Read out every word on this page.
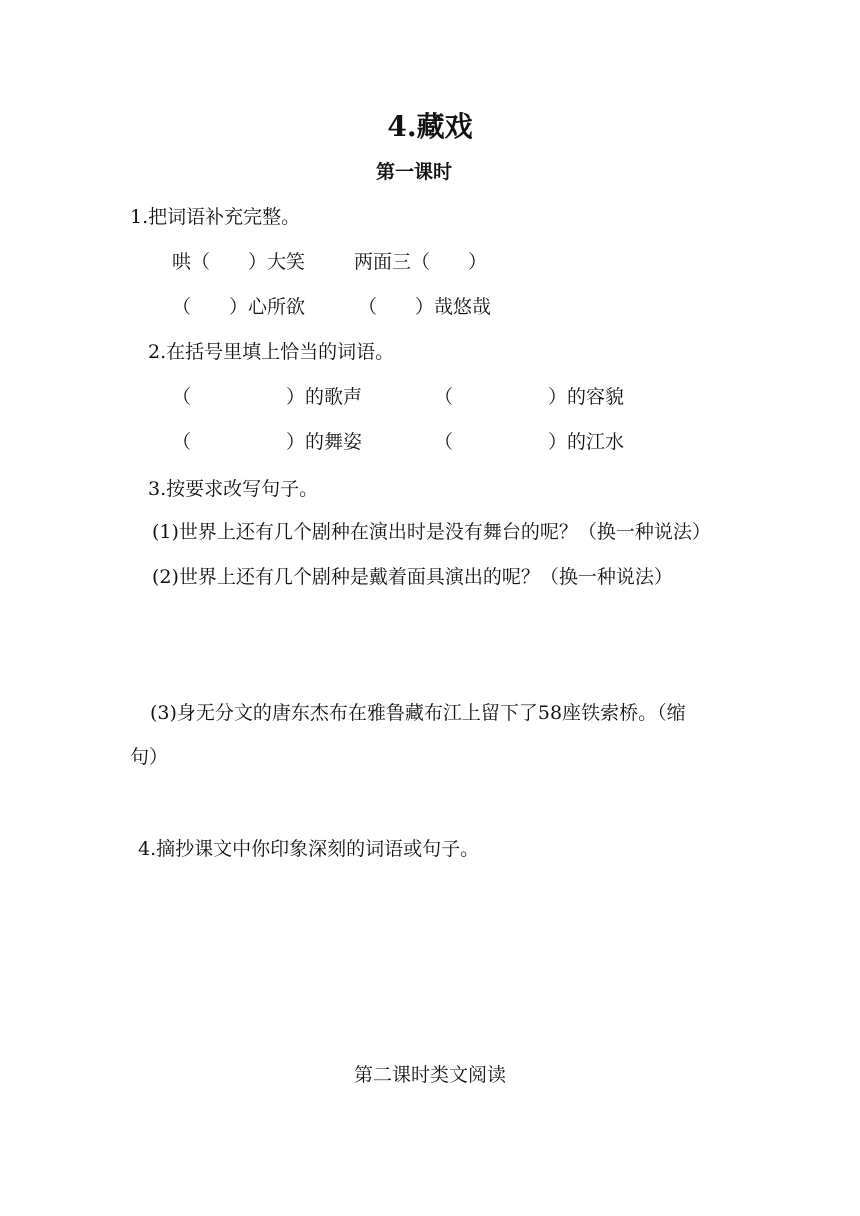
4.藏戏
第一课时
1.把词语补充完整。
哄（　　）大笑	两面三（　　）
（　　）心所欲	（　　）哉悠哉
2.在括号里填上恰当的词语。
（　　　　　）的歌声	（　　　　　）的容貌
（　　　　　）的舞姿	（　　　　　）的江水
3.按要求改写句子。
(1)世界上还有几个剧种在演出时是没有舞台的呢？（换一种说法）
(2)世界上还有几个剧种是戴着面具演出的呢？（换一种说法）
(3)身无分文的唐东杰布在雅鲁藏布江上留下了58座铁索桥。（缩
句）
4.摘抄课文中你印象深刻的词语或句子。
第二课时类文阅读
